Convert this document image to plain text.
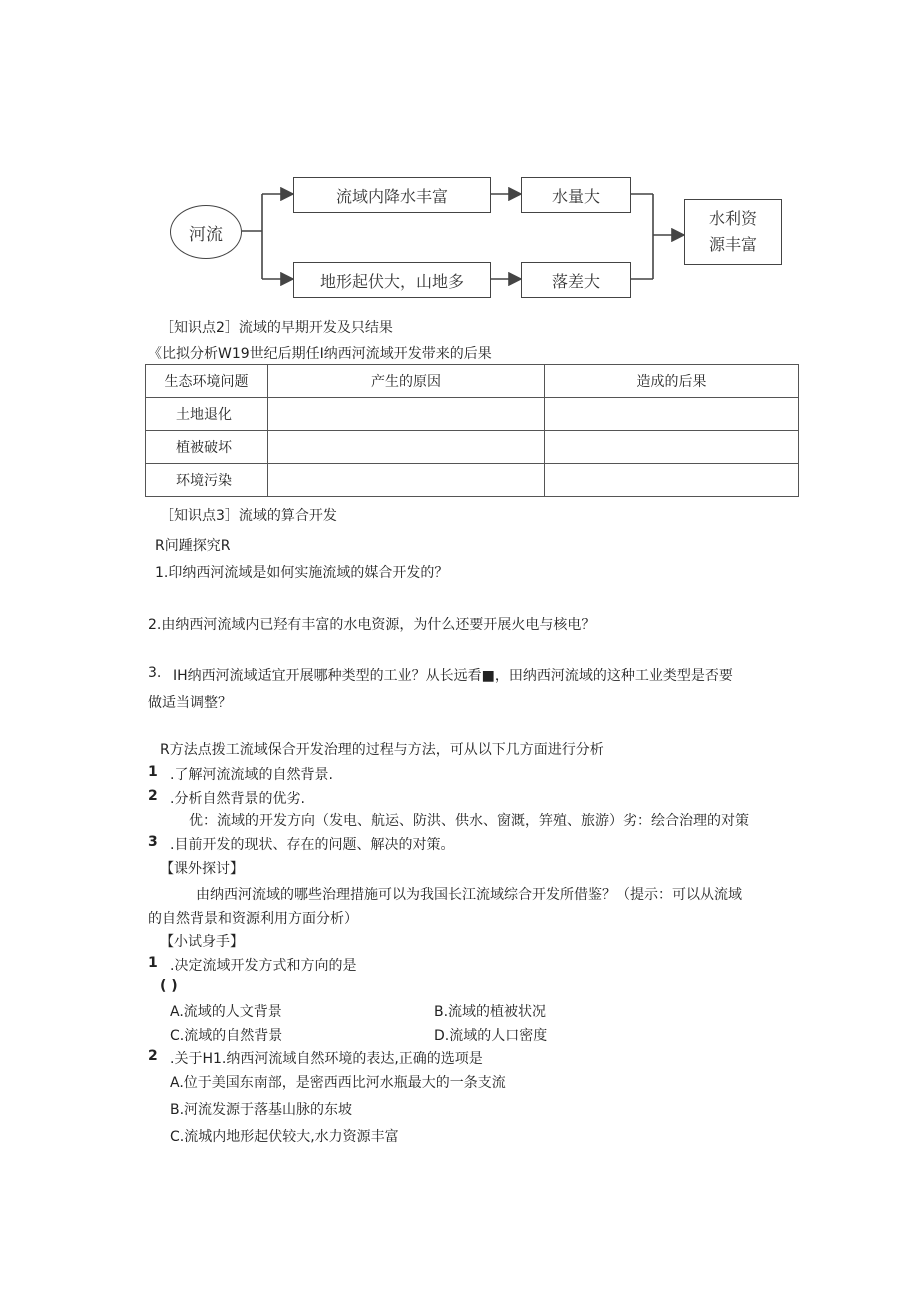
河流
流域内降水丰富	水量大
地形起伏大，山地多	落差大
水利资
源丰富
［知识点2］流域的早期开发及只结果
《比拟分析W19世纪后期任I纳西河流域开发带来的后果
生态环境问题	产生的原因	造成的后果
土地退化		
植被破坏		
环境污染		
［知识点3］流域的算合开发
R问踵探究R
1.印纳西河流域是如何实施流域的媒合开发的？
2.由纳西河流域内已羟有丰富的水电资源，为什么还要开展火电与核电？
3. IH纳西河流域适宜开展哪种类型的工业？从长远看■，田纳西河流域的这种工业类型是否要
做适当调整？
R方法点拨工流域保合开发治理的过程与方法，可从以下几方面进行分析
1 .了解河流流域的自然背景.
2 .分析自然背景的优劣.
优：流域的开发方向（发电、航运、防洪、供水、窗溉，笄殖、旅游）劣：绘合治理的对策
3 .目前开发的现状、存在的问题、解决的对策。
【课外探讨】
由纳西河流域的哪些治理措施可以为我国长江流域综合开发所借鉴？（提示：可以从流域
的自然背景和资源利用方面分析）
【小试身手】
1 .决定流域开发方式和方向的是
( )
A.流域的人文背景	B.流域的植被状况
C.流域的自然背景	D.流域的人口密度
2 .关于H1.纳西河流域自然环境的表达,正确的选项是
A.位于美国东南部，是密西西比河水瓶最大的一条支流
B.河流发源于落基山脉的东坡
C.流城内地形起伏较大,水力资源丰富
